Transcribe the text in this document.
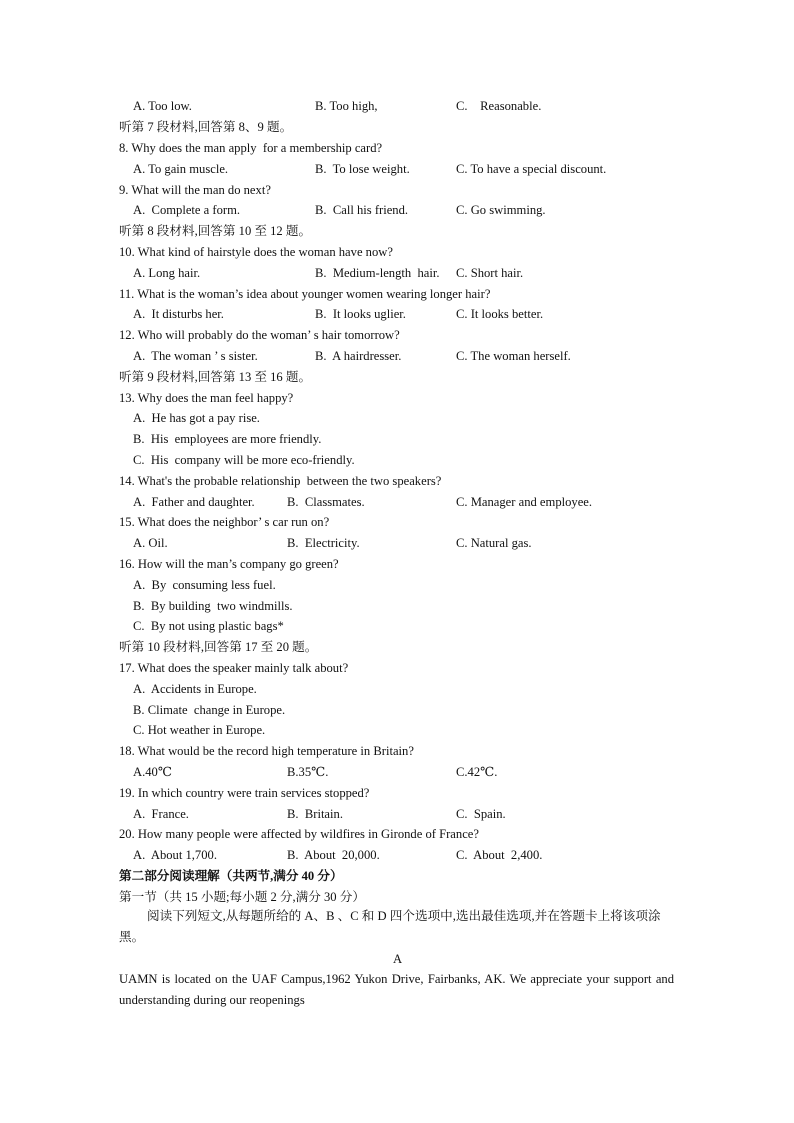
A. Too low.	B. Too high,	C.    Reasonable.
听第 7 段材料,回答第 8、9 题。
8. Why does the man apply  for a membership card?
A. To gain muscle.	B.  To lose weight.	C. To have a special discount.
9. What will the man do next?
A.  Complete a form.	B.  Call his friend.	C. Go swimming.
听第 8 段材料,回答第 10 至 12 题。
10. What kind of hairstyle does the woman have now?
A. Long hair.	B.  Medium-length  hair. C. Short hair.
11. What is the woman’s idea about younger women wearing longer hair?
A.  It disturbs her.	B.  It looks uglier.	C. It looks better.
12. Who will probably do the woman’ s hair tomorrow?
A.  The woman ’ s sister.	B.  A hairdresser.	C. The woman herself.
听第 9 段材料,回答第 13 至 16 题。
13. Why does the man feel happy?
A.  He has got a pay rise.
B.  His  employees are more friendly.
C.  His  company will be more eco-friendly.
14. What's the probable relationship  between the two speakers?
A.  Father and daughter.	B.  Classmates.	C. Manager and employee.
15. What does the neighbor’ s car run on?
A. Oil.	B.  Electricity.	C. Natural gas.
16. How will the man’s company go green?
A.  By  consuming less fuel.
B.  By building  two windmills.
C.  By not using plastic bags*
听第 10 段材料,回答第 17 至 20 题。
17. What does the speaker mainly talk about?
A.  Accidents in Europe.
B. Climate  change in Europe.
C. Hot weather in Europe.
18. What would be the record high temperature in Britain?
A.40℃	B.35℃.	C.42℃.
19. In which country were train services stopped?
A.  France.	B.  Britain.	C.  Spain.
20. How many people were affected by wildfires in Gironde of France?
A.  About 1,700.	B.  About  20,000.	C.  About  2,400.
第二部分阅读理解（共两节,满分 40 分）
第一节（共 15 小题;每小题 2 分,满分 30 分）
阅读下列短文,从每题所给的 A、B 、C 和 D 四个选项中,选出最佳选项,并在答题卡上将该项涂黑。
A
UAMN is located on the UAF Campus,1962 Yukon Drive, Fairbanks, AK. We appreciate your support and understanding during our reopenings
